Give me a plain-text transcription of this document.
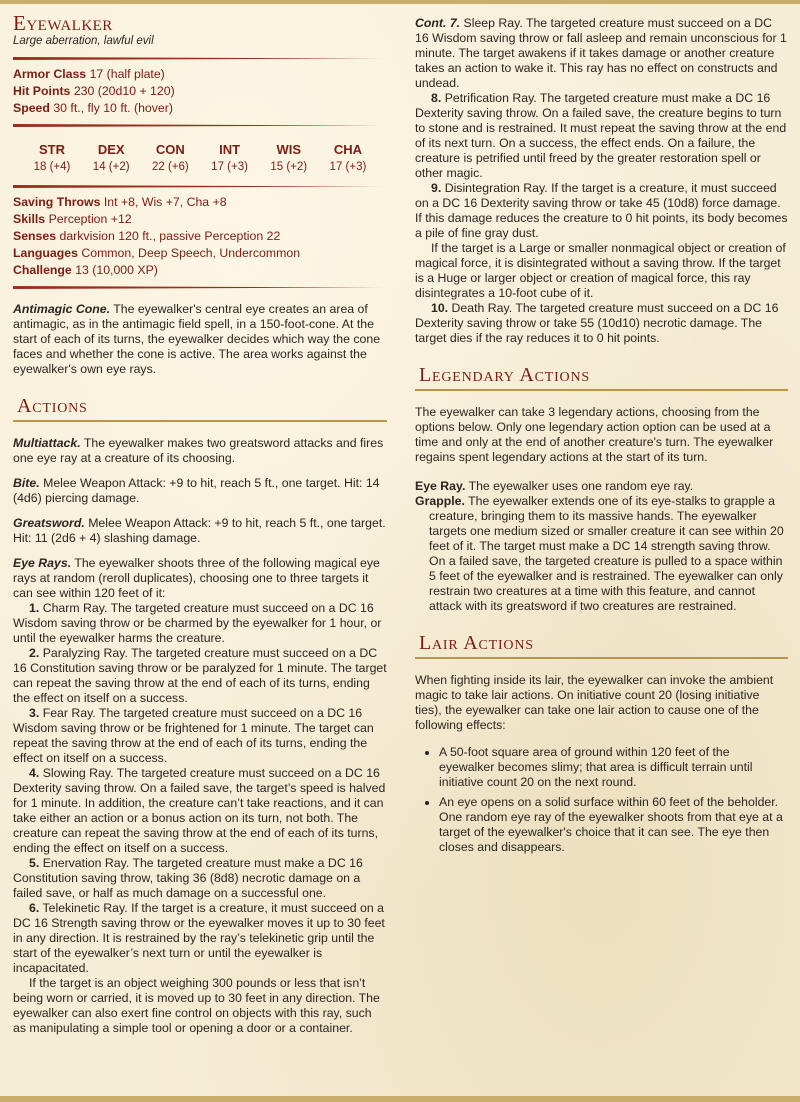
Eyewalker
Large aberration, lawful evil
Armor Class 17 (half plate)
Hit Points 230 (20d10 + 120)
Speed 30 ft., fly 10 ft. (hover)
STR
18 (+4)
DEX
14 (+2)
CON
22 (+6)
INT
17 (+3)
WIS
15 (+2)
CHA
17 (+3)
Saving Throws Int +8, Wis +7, Cha +8
Skills Perception +12
Senses darkvision 120 ft., passive Perception 22
Languages Common, Deep Speech, Undercommon
Challenge 13 (10,000 XP)

Antimagic Cone. The eyewalker's central eye creates an area of antimagic, as in the antimagic field spell, in a 150-foot-cone. At the start of each of its turns, the eyewalker decides which way the cone faces and whether the cone is active. The area works against the eyewalker's own eye rays.

Actions

Multiattack. The eyewalker makes two greatsword attacks and fires one eye ray at a creature of its choosing.

Bite. Melee Weapon Attack: +9 to hit, reach 5 ft., one target. Hit: 14 (4d6) piercing damage.

Greatsword. Melee Weapon Attack: +9 to hit, reach 5 ft., one target. Hit: 11 (2d6 + 4) slashing damage.

Eye Rays. The eyewalker shoots three of the following magical eye rays at random (reroll duplicates), choosing one to three targets it can see within 120 feet of it:

1. Charm Ray. The targeted creature must succeed on a DC 16 Wisdom saving throw or be charmed by the eyewalker for 1 hour, or until the eyewalker harms the creature.
2. Paralyzing Ray. The targeted creature must succeed on a DC 16 Constitution saving throw or be paralyzed for 1 minute. The target can repeat the saving throw at the end of each of its turns, ending the effect on itself on a success.
3. Fear Ray. The targeted creature must succeed on a DC 16 Wisdom saving throw or be frightened for 1 minute. The target can repeat the saving throw at the end of each of its turns, ending the effect on itself on a success.
4. Slowing Ray. The targeted creature must succeed on a DC 16 Dexterity saving throw. On a failed save, the target’s speed is halved for 1 minute. In addition, the creature can’t take reactions, and it can take either an action or a bonus action on its turn, not both. The creature can repeat the saving throw at the end of each of its turns, ending the effect on itself on a success.
5. Enervation Ray. The targeted creature must make a DC 16 Constitution saving throw, taking 36 (8d8) necrotic damage on a failed save, or half as much damage on a successful one.
6. Telekinetic Ray. If the target is a creature, it must succeed on a DC 16 Strength saving throw or the eyewalker moves it up to 30 feet in any direction. It is restrained by the ray’s telekinetic grip until the start of the eyewalker’s next turn or until the eyewalker is incapacitated.
If the target is an object weighing 300 pounds or less that isn’t being worn or carried, it is moved up to 30 feet in any direction. The eyewalker can also exert fine control on objects with this ray, such as manipulating a simple tool or opening a door or a container.

Cont. 7. Sleep Ray. The targeted creature must succeed on a DC 16 Wisdom saving throw or fall asleep and remain unconscious for 1 minute. The target awakens if it takes damage or another creature takes an action to wake it. This ray has no effect on constructs and undead.

8. Petrification Ray. The targeted creature must make a DC 16 Dexterity saving throw. On a failed save, the creature begins to turn to stone and is restrained. It must repeat the saving throw at the end of its next turn. On a success, the effect ends. On a failure, the creature is petrified until freed by the greater restoration spell or other magic.
9. Disintegration Ray. If the target is a creature, it must succeed on a DC 16 Dexterity saving throw or take 45 (10d8) force damage. If this damage reduces the creature to 0 hit points, its body becomes a pile of fine gray dust.
If the target is a Large or smaller nonmagical object or creation of magical force, it is disintegrated without a saving throw. If the target is a Huge or larger object or creation of magical force, this ray disintegrates a 10-foot cube of it.
10. Death Ray. The targeted creature must succeed on a DC 16 Dexterity saving throw or take 55 (10d10) necrotic damage. The target dies if the ray reduces it to 0 hit points.
Legendary Actions

The eyewalker can take 3 legendary actions, choosing from the options below. Only one legendary action option can be used at a time and only at the end of another creature's turn. The eyewalker regains spent legendary actions at the start of its turn.

Eye Ray. The eyewalker uses one random eye ray.
Grapple. The eyewalker extends one of its eye-stalks to grapple a creature, bringing them to its massive hands. The eyewalker targets one medium sized or smaller creature it can see within 20 feet of it. The target must make a DC 14 strength saving throw. On a failed save, the targeted creature is pulled to a space within 5 feet of the eyewalker and is restrained. The eyewalker can only restrain two creatures at a time with this feature, and cannot attack with its greatsword if two creatures are restrained.
Lair Actions

When fighting inside its lair, the eyewalker can invoke the ambient magic to take lair actions. On initiative count 20 (losing initiative ties), the eyewalker can take one lair action to cause one of the following effects:

• A 50-foot square area of ground within 120 feet of the eyewalker becomes slimy; that area is difficult terrain until initiative count 20 on the next round.
• An eye opens on a solid surface within 60 feet of the beholder. One random eye ray of the eyewalker shoots from that eye at a target of the eyewalker's choice that it can see. The eye then closes and disappears.
